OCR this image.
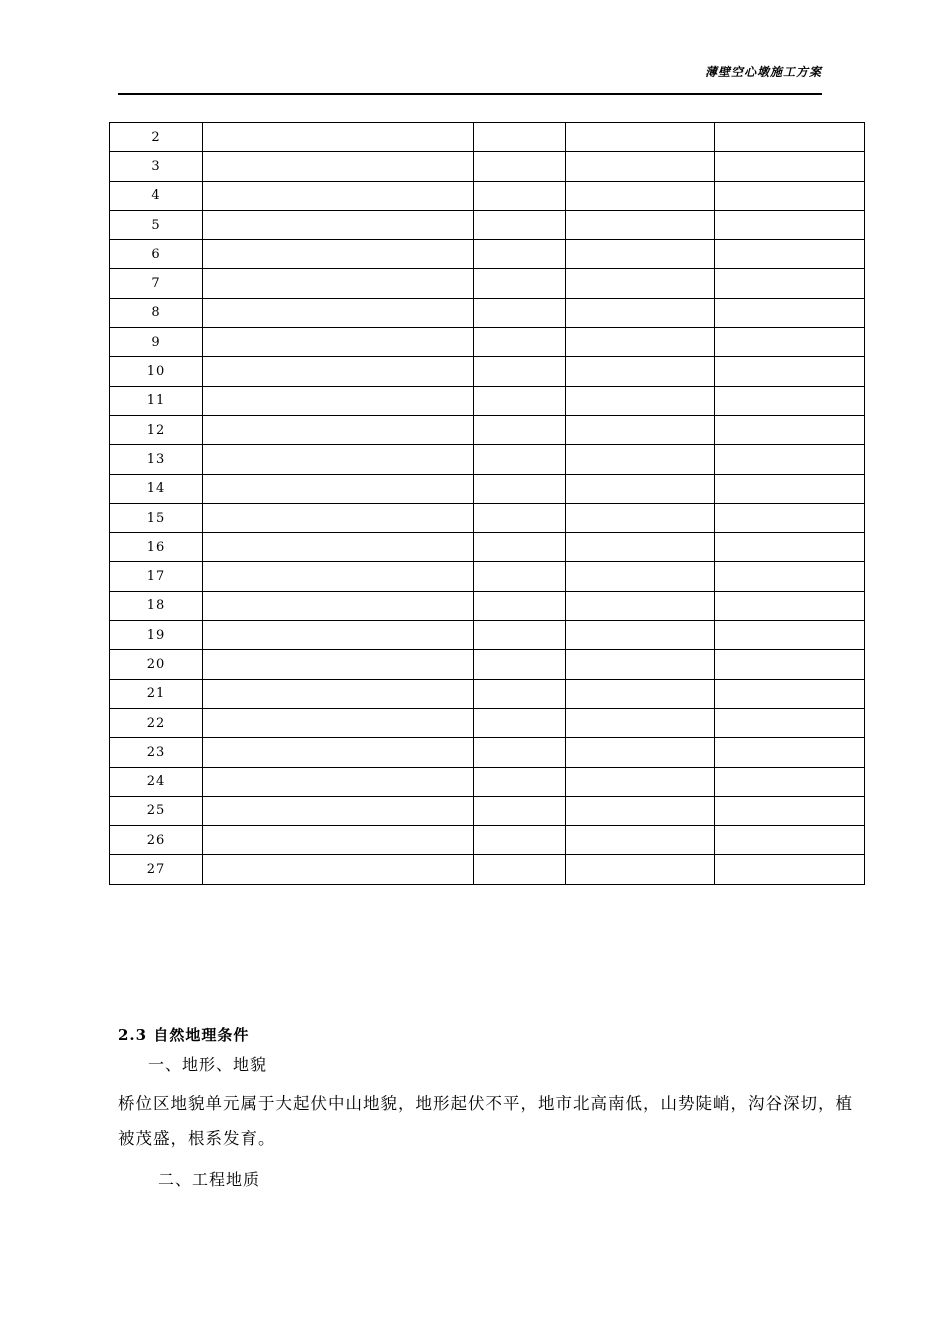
薄壁空心墩施工方案
2				
3				
4				
5				
6				
7				
8				
9				
10				
11				
12				
13				
14				
15				
16				
17				
18				
19				
20				
21				
22				
23				
24				
25				
26				
27				
2.3 自然地理条件
一、地形、地貌
桥位区地貌单元属于大起伏中山地貌，地形起伏不平，地市北高南低，山势陡峭，沟谷深切，植被茂盛，根系发育。
二、工程地质
